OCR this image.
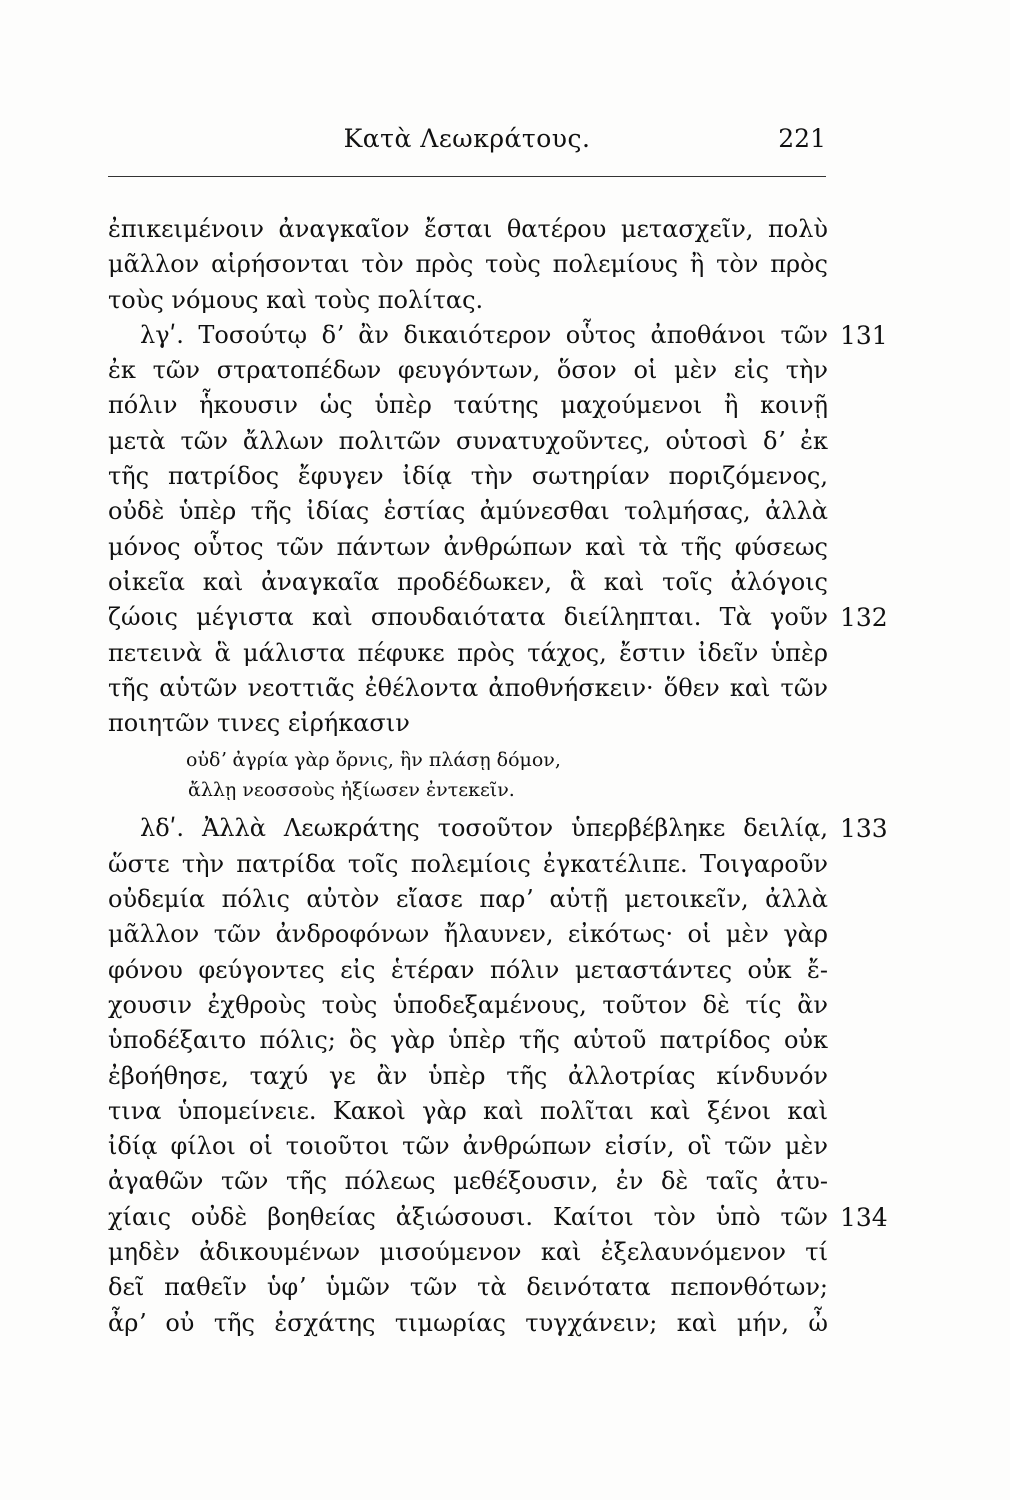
Κατὰ Λεωκράτους.	221
ἐπικειμένοιν ἀναγκαῖον ἔσται θατέρου μετασχεῖν, πολὺ
μᾶλλον αἱρήσονται τὸν πρὸς τοὺς πολεμίους ἢ τὸν πρὸς
τοὺς νόμους καὶ τοὺς πολίτας.
λγʹ. Τοσούτῳ δʼ ἂν δικαιότερον οὗτος ἀποθάνοι τῶν 131
ἐκ τῶν στρατοπέδων φευγόντων, ὅσον οἱ μὲν εἰς τὴν
πόλιν ἧκουσιν ὡς ὑπὲρ ταύτης μαχούμενοι ἢ κοινῇ
μετὰ τῶν ἄλλων πολιτῶν συνατυχοῦντες, οὑτοσὶ δʼ ἐκ
τῆς πατρίδος ἔφυγεν ἰδίᾳ τὴν σωτηρίαν ποριζόμενος,
οὐδὲ ὑπὲρ τῆς ἰδίας ἑστίας ἀμύνεσθαι τολμήσας, ἀλλὰ
μόνος οὗτος τῶν πάντων ἀνθρώπων καὶ τὰ τῆς φύσεως
οἰκεῖα καὶ ἀναγκαῖα προδέδωκεν, ἃ καὶ τοῖς ἀλόγοις
ζώοις μέγιστα καὶ σπουδαιότατα διείληπται. Τὰ γοῦν 132
πετεινὰ ἃ μάλιστα πέφυκε πρὸς τάχος, ἔστιν ἰδεῖν ὑπὲρ
τῆς αὑτῶν νεοττιᾶς ἐθέλοντα ἀποθνήσκειν· ὅθεν καὶ τῶν
ποιητῶν τινες εἰρήκασιν
οὐδʼ ἀγρία γὰρ ὄρνις, ἣν πλάσῃ δόμον,
ἄλλῃ νεοσσοὺς ἠξίωσεν ἐντεκεῖν.
λδʹ. Ἀλλὰ Λεωκράτης τοσοῦτον ὑπερβέβληκε δειλίᾳ, 133
ὥστε τὴν πατρίδα τοῖς πολεμίοις ἐγκατέλιπε. Τοιγαροῦν
οὐδεμία πόλις αὐτὸν εἴασε παρʼ αὑτῇ μετοικεῖν, ἀλλὰ
μᾶλλον τῶν ἀνδροφόνων ἤλαυνεν, εἰκότως· οἱ μὲν γὰρ
φόνου φεύγοντες εἰς ἑτέραν πόλιν μεταστάντες οὐκ ἔ-
χουσιν ἐχθροὺς τοὺς ὑποδεξαμένους, τοῦτον δὲ τίς ἂν
ὑποδέξαιτο πόλις; ὃς γὰρ ὑπὲρ τῆς αὑτοῦ πατρίδος οὐκ
ἐβοήθησε, ταχύ γε ἂν ὑπὲρ τῆς ἀλλοτρίας κίνδυνόν
τινα ὑπομείνειε. Κακοὶ γὰρ καὶ πολῖται καὶ ξένοι καὶ
ἰδίᾳ φίλοι οἱ τοιοῦτοι τῶν ἀνθρώπων εἰσίν, οἳ τῶν μὲν
ἀγαθῶν τῶν τῆς πόλεως μεθέξουσιν, ἐν δὲ ταῖς ἀτυ-
χίαις οὐδὲ βοηθείας ἀξιώσουσι. Καίτοι τὸν ὑπὸ τῶν 134
μηδὲν ἀδικουμένων μισούμενον καὶ ἐξελαυνόμενον τί
δεῖ παθεῖν ὑφʼ ὑμῶν τῶν τὰ δεινότατα πεπονθότων;
ἆρʼ οὐ τῆς ἐσχάτης τιμωρίας τυγχάνειν; καὶ μήν, ὦ
